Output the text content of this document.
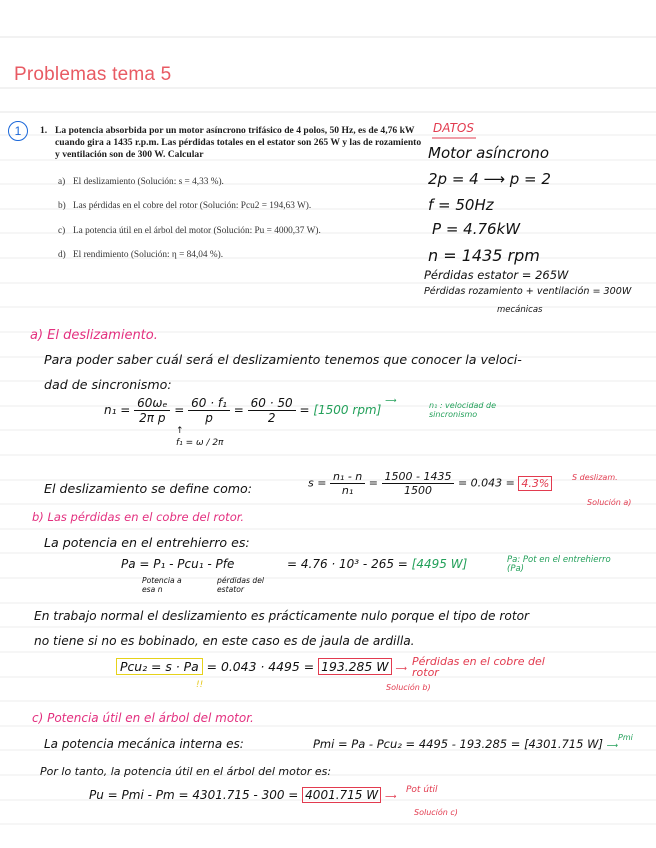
Problemas tema 5
1	1. La potencia absorbida por un motor asíncrono trifásico de 4 polos, 50 Hz, es de 4,76 kW cuando gira a 1435 r.p.m. Las pérdidas totales en el estator son 265 W y las de rozamiento y ventilación son de 300 W. Calcular
a) El deslizamiento (Solución: s = 4,33 %).
b) Las pérdidas en el cobre del rotor (Solución: Pcu2 = 194,63 W).
c) La potencia útil en el árbol del motor (Solución: Pu = 4000,37 W).
d) El rendimiento (Solución: η = 84,04 %).
DATOS
Motor asíncrono
2p = 4 ⟶ p = 2
f = 50Hz
P = 4.76kW
n = 1435 rpm
Pérdidas estator = 265W
Pérdidas rozamiento + ventilación = 300W
mecánicas
a) El deslizamiento.
Para poder saber cuál será el deslizamiento tenemos que conocer la veloci-
dad de sincronismo:
$n_1 = \frac{\text{60ωₑ}}{\text{2π p}} = \frac{\text{60 · f₁}}{p} = \frac{60 \cdot 50}{2} = [1500$ rpm] ⟶
n₁ : velocidad de sincronismo
↑
f₁ = ω / 2π
El deslizamiento se define como:	$s = \frac{\text{n₁ - n}}{\text{n₁}} = \frac{1500 - 1435}{1500} = 0.043 = 4.3\%$	S deslizam.
Solución a)
b) Las pérdidas en el cobre del rotor.
La potencia en el entrehierro es:
Pa = P₁ - Pcu₁ - Pfe	= 4.76 · 10³ - 265 = [4495 W]	Pa: Pot en el entrehierro (Pa)
Potencia a esa n
pérdidas del estator
En trabajo normal el deslizamiento es prácticamente nulo porque el tipo de rotor
no tiene si no es bobinado, en este caso es de jaula de ardilla.
Pcu₂ = s · Pa = 0.043 · 4495 = 193.285 W ⟶
Pérdidas en el cobre del rotor
Solución b)
!!
c) Potencia útil en el árbol del motor.
La potencia mecánica interna es:	Pmi = Pa - Pcu₂ = 4495 - 193.285 = [4301.715 W] ⟶
Pmi
Por lo tanto, la potencia útil en el árbol del motor es:
Pu = Pmi - Pm = 4301.715 - 300 = 4001.715 W ⟶
Pot útil
Solución c)
